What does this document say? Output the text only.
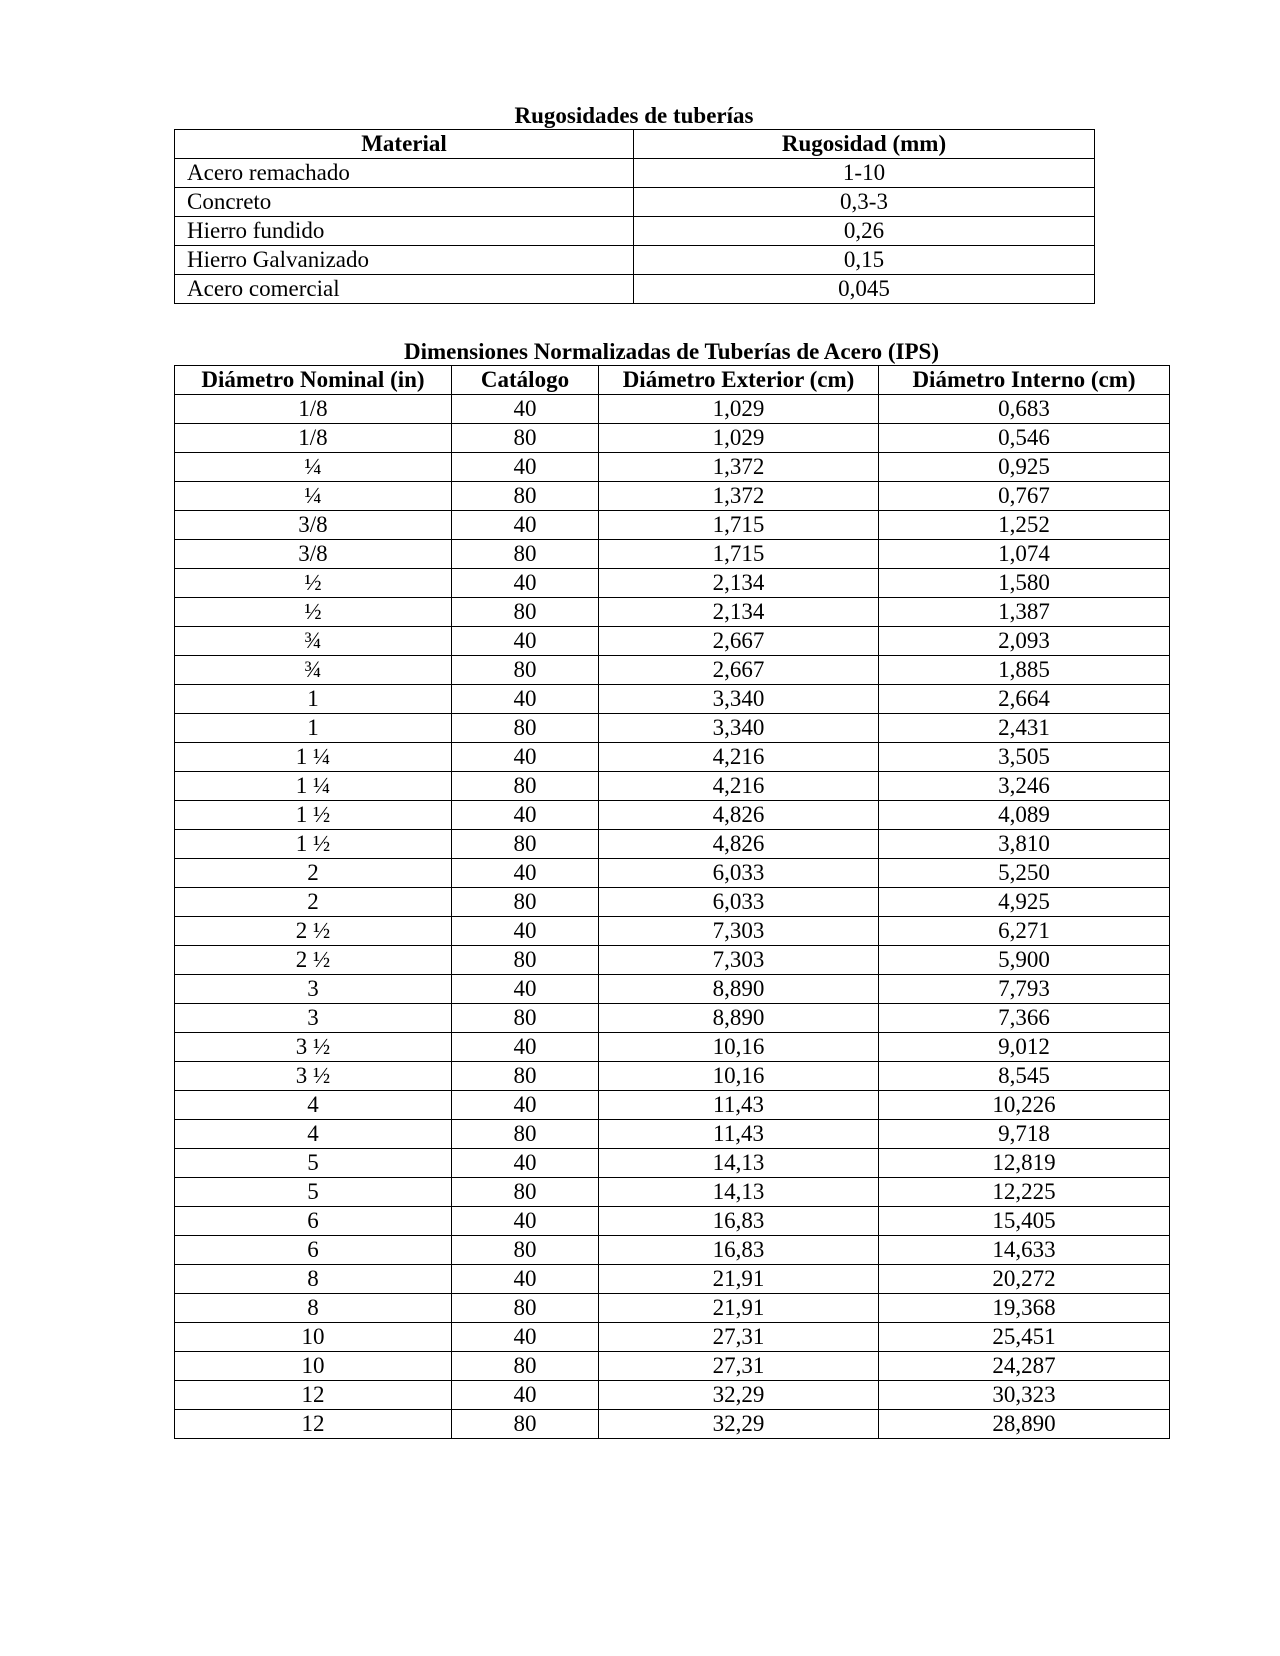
Rugosidades de tuberías
Material	Rugosidad (mm)
Acero remachado	1-10
Concreto	0,3-3
Hierro fundido	0,26
Hierro Galvanizado	0,15
Acero comercial	0,045
Dimensiones Normalizadas de Tuberías de Acero (IPS)
Diámetro Nominal (in)	Catálogo	Diámetro Exterior (cm)	Diámetro Interno (cm)
1/8	40	1,029	0,683
1/8	80	1,029	0,546
¼	40	1,372	0,925
¼	80	1,372	0,767
3/8	40	1,715	1,252
3/8	80	1,715	1,074
½	40	2,134	1,580
½	80	2,134	1,387
¾	40	2,667	2,093
¾	80	2,667	1,885
1	40	3,340	2,664
1	80	3,340	2,431
1 ¼	40	4,216	3,505
1 ¼	80	4,216	3,246
1 ½	40	4,826	4,089
1 ½	80	4,826	3,810
2	40	6,033	5,250
2	80	6,033	4,925
2 ½	40	7,303	6,271
2 ½	80	7,303	5,900
3	40	8,890	7,793
3	80	8,890	7,366
3 ½	40	10,16	9,012
3 ½	80	10,16	8,545
4	40	11,43	10,226
4	80	11,43	9,718
5	40	14,13	12,819
5	80	14,13	12,225
6	40	16,83	15,405
6	80	16,83	14,633
8	40	21,91	20,272
8	80	21,91	19,368
10	40	27,31	25,451
10	80	27,31	24,287
12	40	32,29	30,323
12	80	32,29	28,890
